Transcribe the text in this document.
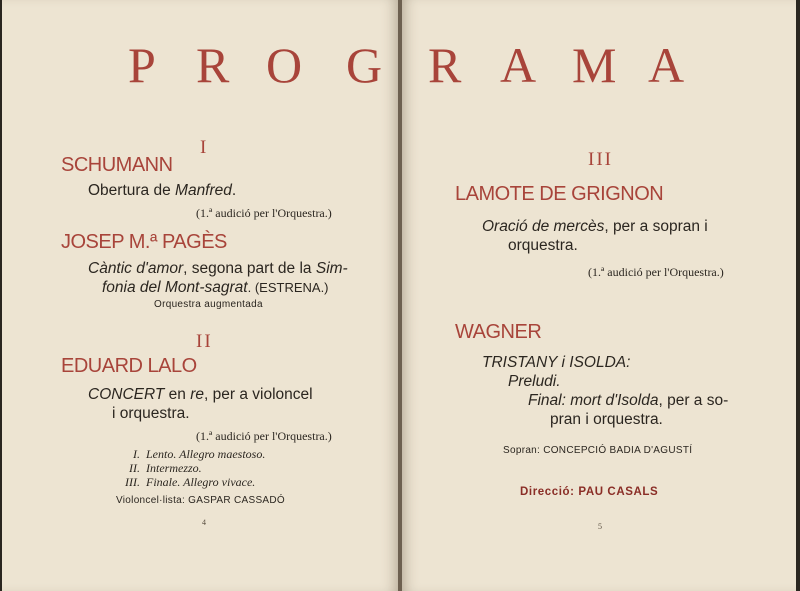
P R O G R A M A
I
SCHUMANN
Obertura de Manfred.
(1.ª audició per l'Orquestra.)
JOSEP M.ª PAGÈS
Càntic d'amor, segona part de la Sim-
fonia del Mont-sagrat. (ESTRENA.)
Orquestra augmentada
II
EDUARD LALO
CONCERT en re, per a violoncel
i orquestra.
(1.ª audició per l'Orquestra.)
I. Lento. Allegro maestoso.
II. Intermezzo.
III. Finale. Allegro vivace.
Violoncel·lista: GASPAR CASSADÓ
4
III
LAMOTE DE GRIGNON
Oració de mercès, per a sopran i
orquestra.
(1.ª audició per l'Orquestra.)
WAGNER
TRISTANY i ISOLDA:
Preludi.
Final: mort d'Isolda, per a so-
pran i orquestra.
Sopran: CONCEPCIÓ BADIA D'AGUSTÍ
Direcció: PAU CASALS
5
